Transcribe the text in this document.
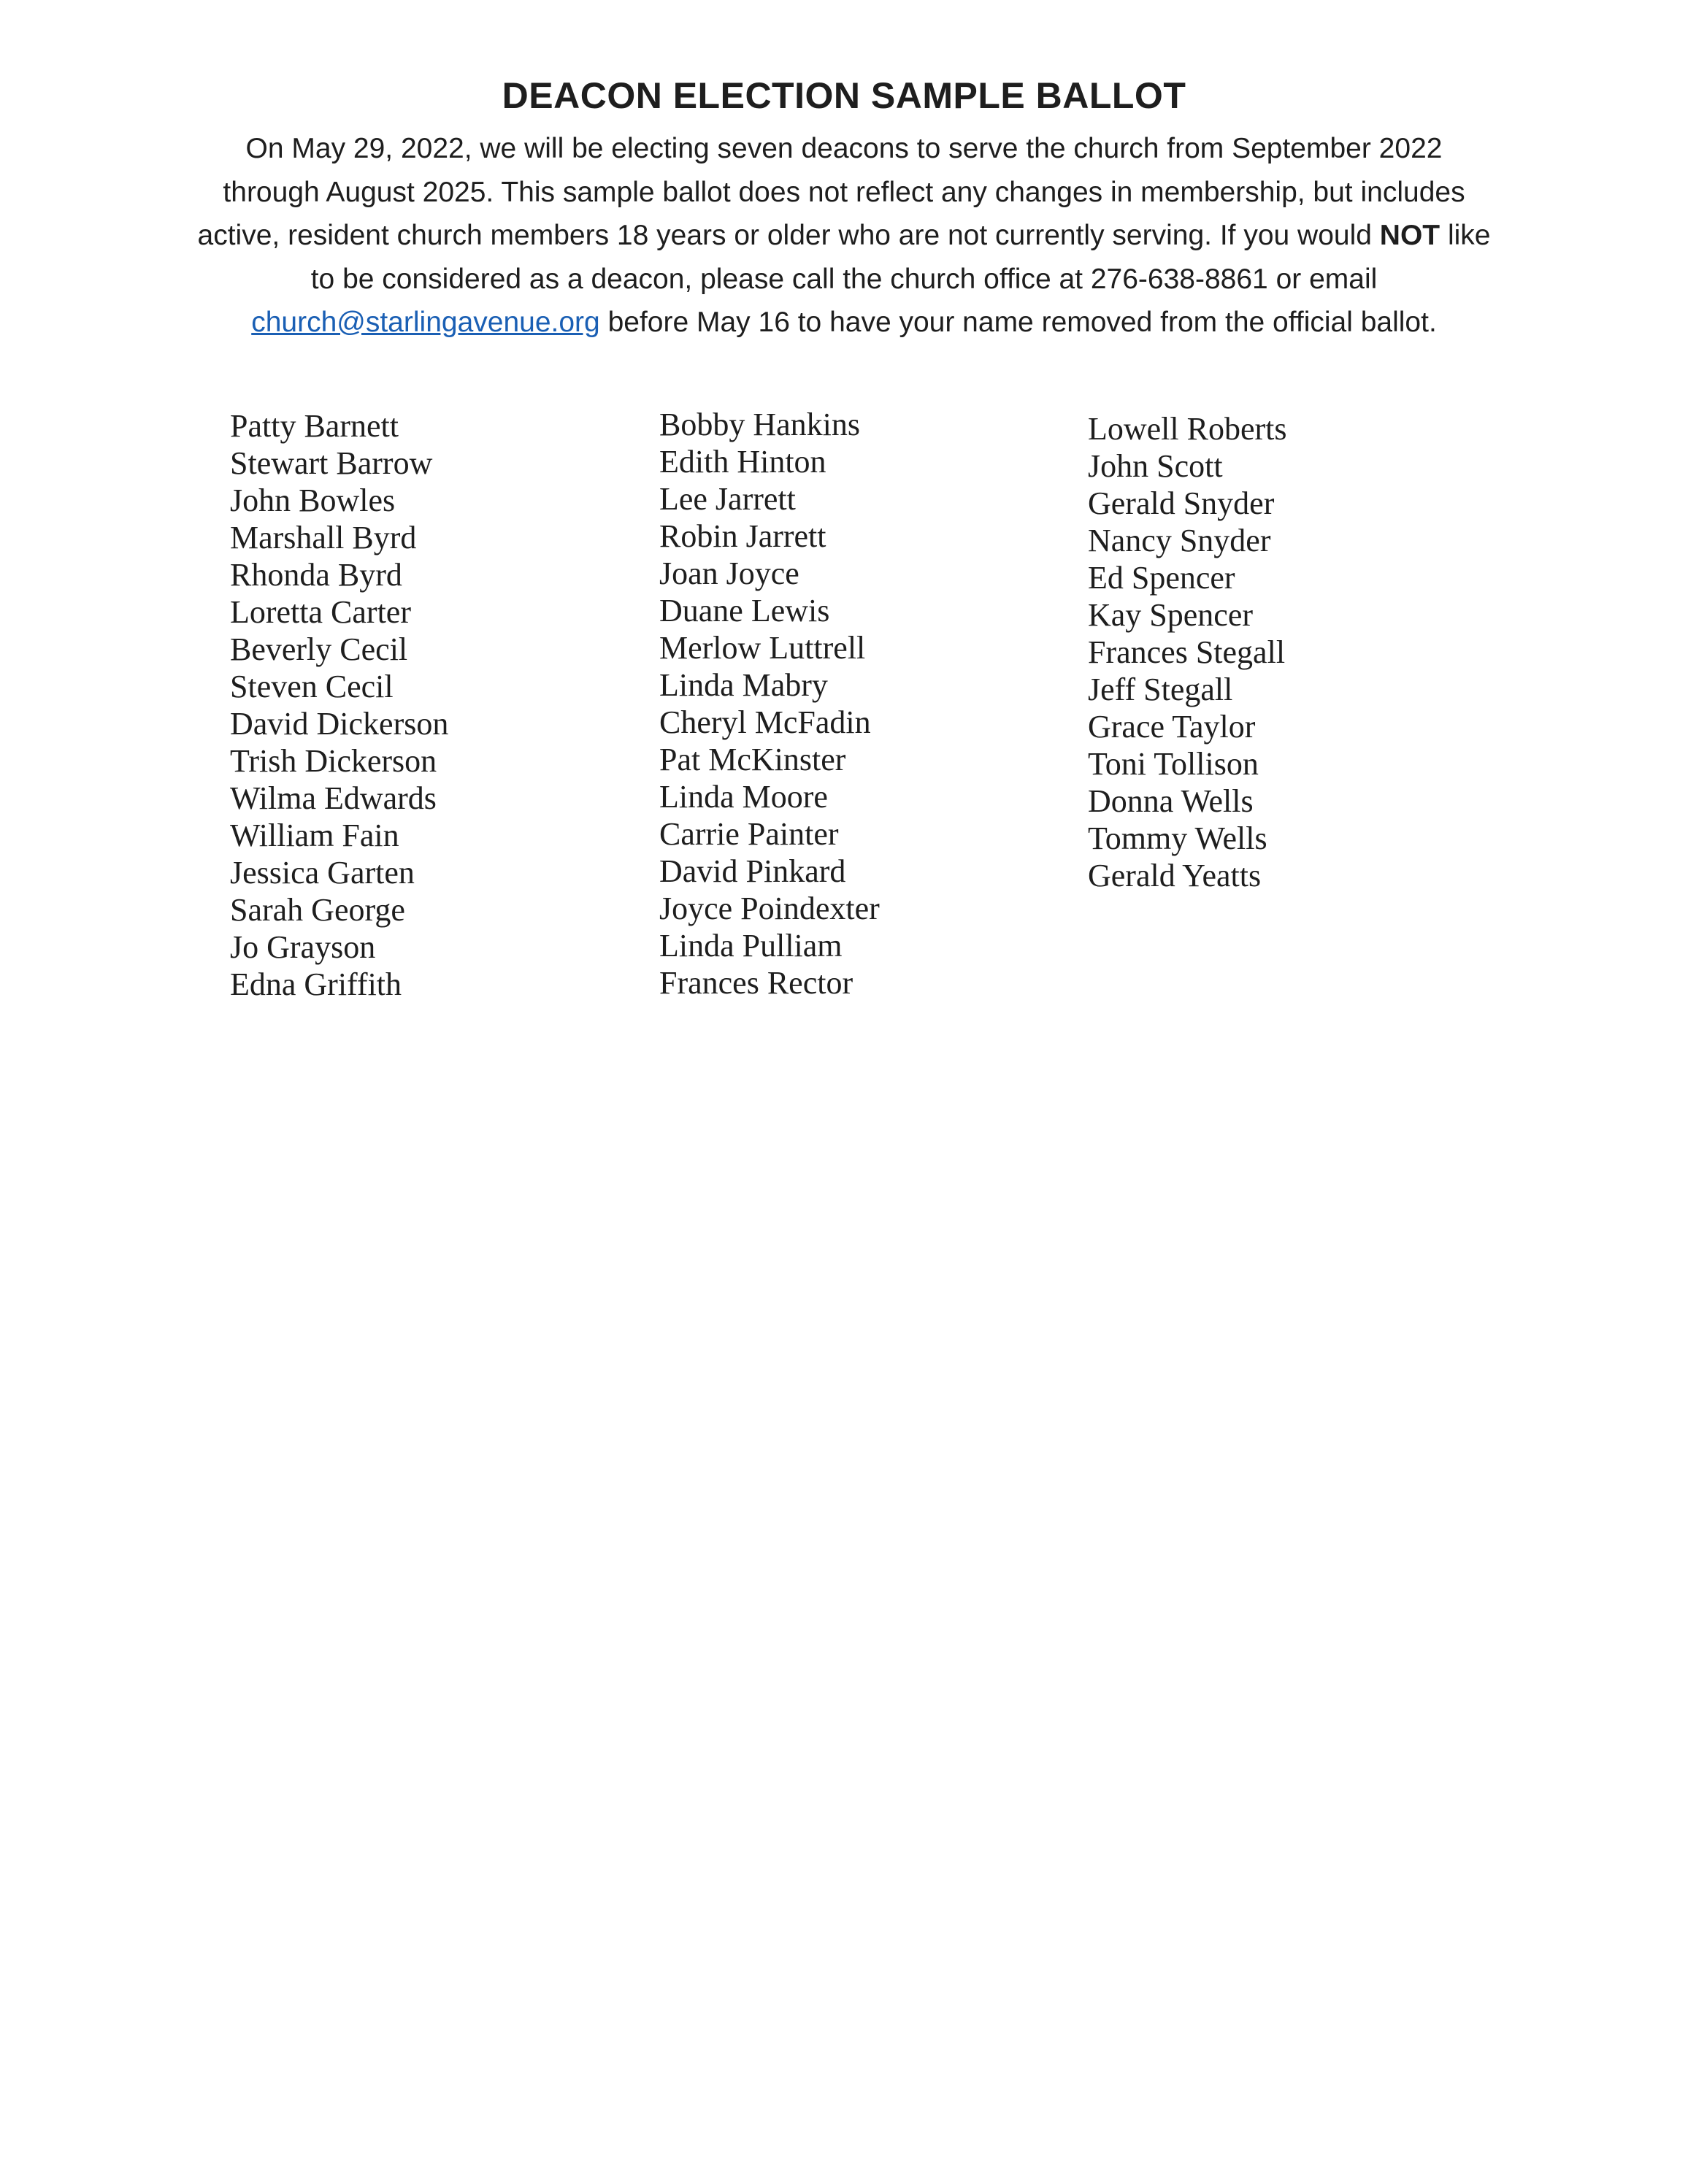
DEACON ELECTION SAMPLE BALLOT

On May 29, 2022, we will be electing seven deacons to serve the church from September 2022 through August 2025. This sample ballot does not reflect any changes in membership, but includes active, resident church members 18 years or older who are not currently serving. If you would NOT like to be considered as a deacon, please call the church office at 276-638-8861 or email church@starlingavenue.org before May 16 to have your name removed from the official ballot.

Patty Barnett
Stewart Barrow
John Bowles
Marshall Byrd
Rhonda Byrd
Loretta Carter
Beverly Cecil
Steven Cecil
David Dickerson
Trish Dickerson
Wilma Edwards
William Fain
Jessica Garten
Sarah George
Jo Grayson
Edna Griffith
Bobby Hankins
Edith Hinton
Lee Jarrett
Robin Jarrett
Joan Joyce
Duane Lewis
Merlow Luttrell
Linda Mabry
Cheryl McFadin
Pat McKinster
Linda Moore
Carrie Painter
David Pinkard
Joyce Poindexter
Linda Pulliam
Frances Rector
Lowell Roberts
John Scott
Gerald Snyder
Nancy Snyder
Ed Spencer
Kay Spencer
Frances Stegall
Jeff Stegall
Grace Taylor
Toni Tollison
Donna Wells
Tommy Wells
Gerald Yeatts
